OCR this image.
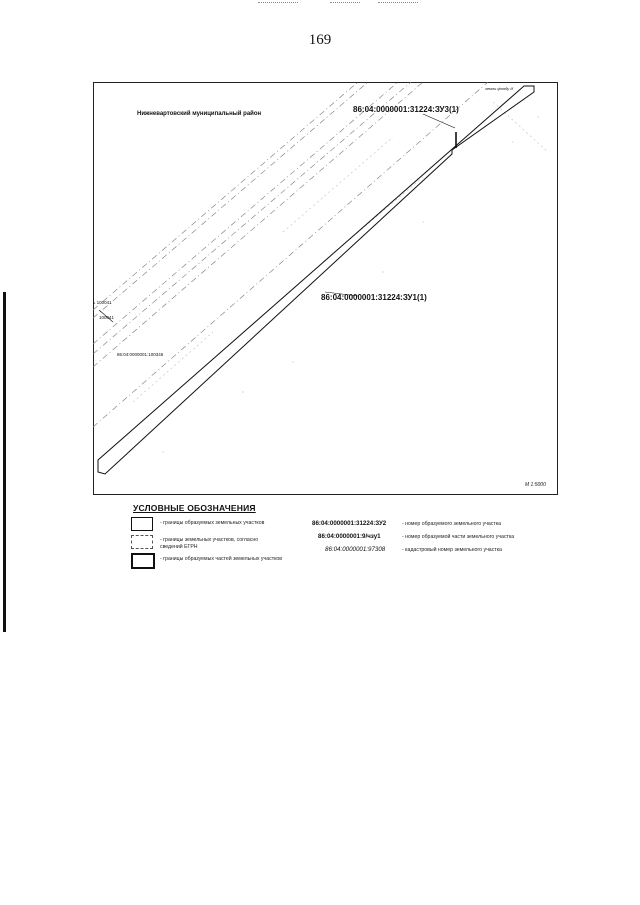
169
Нижневартовский муниципальный район	86:04:0000001:31224:ЗУ3(1)
86:04:0000001:31224:ЗУ1(1)
ь 100041
100041
86:04:0000001:100346
земли фонду И
М 1:5000
УСЛОВНЫЕ ОБОЗНАЧЕНИЯ
- границы образуемых земельных участков
- границы земельных участков, согласно сведений ЕГРН
- границы образуемых частей земельных участков
86:04:0000001:31224:ЗУ2	- номер образуемого земельного участка
86:04:0000001:9/чзу1	- номер образуемой части земельного участка
86:04:0000001:97308	- кадастровый номер земельного участка
